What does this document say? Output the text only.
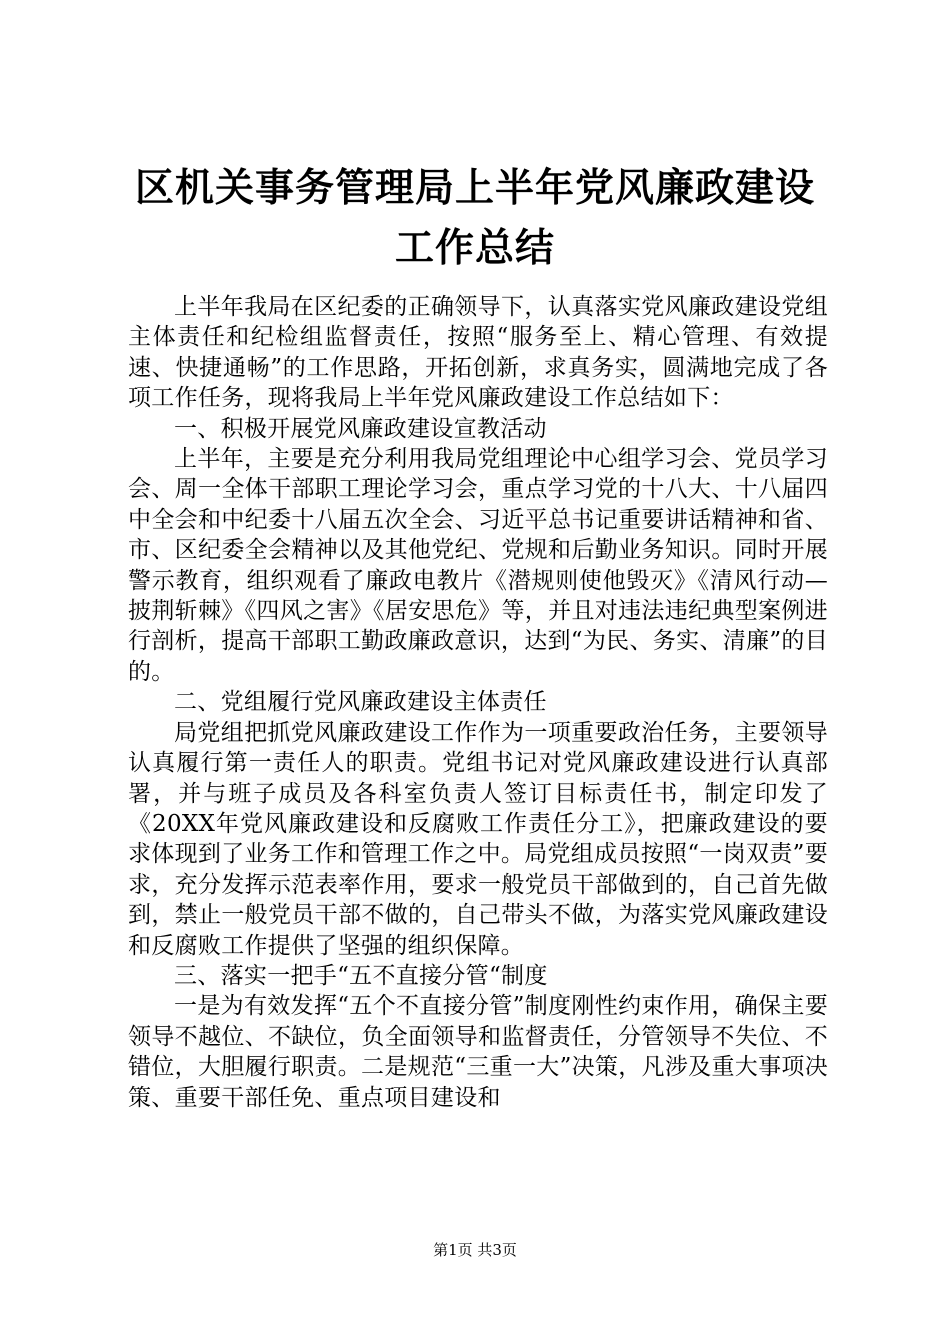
区机关事务管理局上半年党风廉政建设工作总结

上半年我局在区纪委的正确领导下，认真落实党风廉政建设党组主体责任和纪检组监督责任，按照“服务至上、精心管理、有效提速、快捷通畅”的工作思路，开拓创新，求真务实，圆满地完成了各项工作任务，现将我局上半年党风廉政建设工作总结如下：

一、积极开展党风廉政建设宣教活动

上半年，主要是充分利用我局党组理论中心组学习会、党员学习会、周一全体干部职工理论学习会，重点学习党的十八大、十八届四中全会和中纪委十八届五次全会、习近平总书记重要讲话精神和省、市、区纪委全会精神以及其他党纪、党规和后勤业务知识。同时开展警示教育，组织观看了廉政电教片《潜规则使他毁灭》《清风行动—披荆斩棘》《四风之害》《居安思危》等，并且对违法违纪典型案例进行剖析，提高干部职工勤政廉政意识，达到“为民、务实、清廉”的目的。

二、党组履行党风廉政建设主体责任

局党组把抓党风廉政建设工作作为一项重要政治任务，主要领导认真履行第一责任人的职责。党组书记对党风廉政建设进行认真部署，并与班子成员及各科室负责人签订目标责任书，制定印发了《20XX年党风廉政建设和反腐败工作责任分工》，把廉政建设的要求体现到了业务工作和管理工作之中。局党组成员按照“一岗双责”要求，充分发挥示范表率作用，要求一般党员干部做到的，自己首先做到，禁止一般党员干部不做的，自己带头不做，为落实党风廉政建设和反腐败工作提供了坚强的组织保障。

三、落实一把手“五不直接分管“制度

一是为有效发挥“五个不直接分管”制度刚性约束作用，确保主要领导不越位、不缺位，负全面领导和监督责任，分管领导不失位、不错位，大胆履行职责。二是规范“三重一大”决策，凡涉及重大事项决策、重要干部任免、重点项目建设和

第1页 共3页
